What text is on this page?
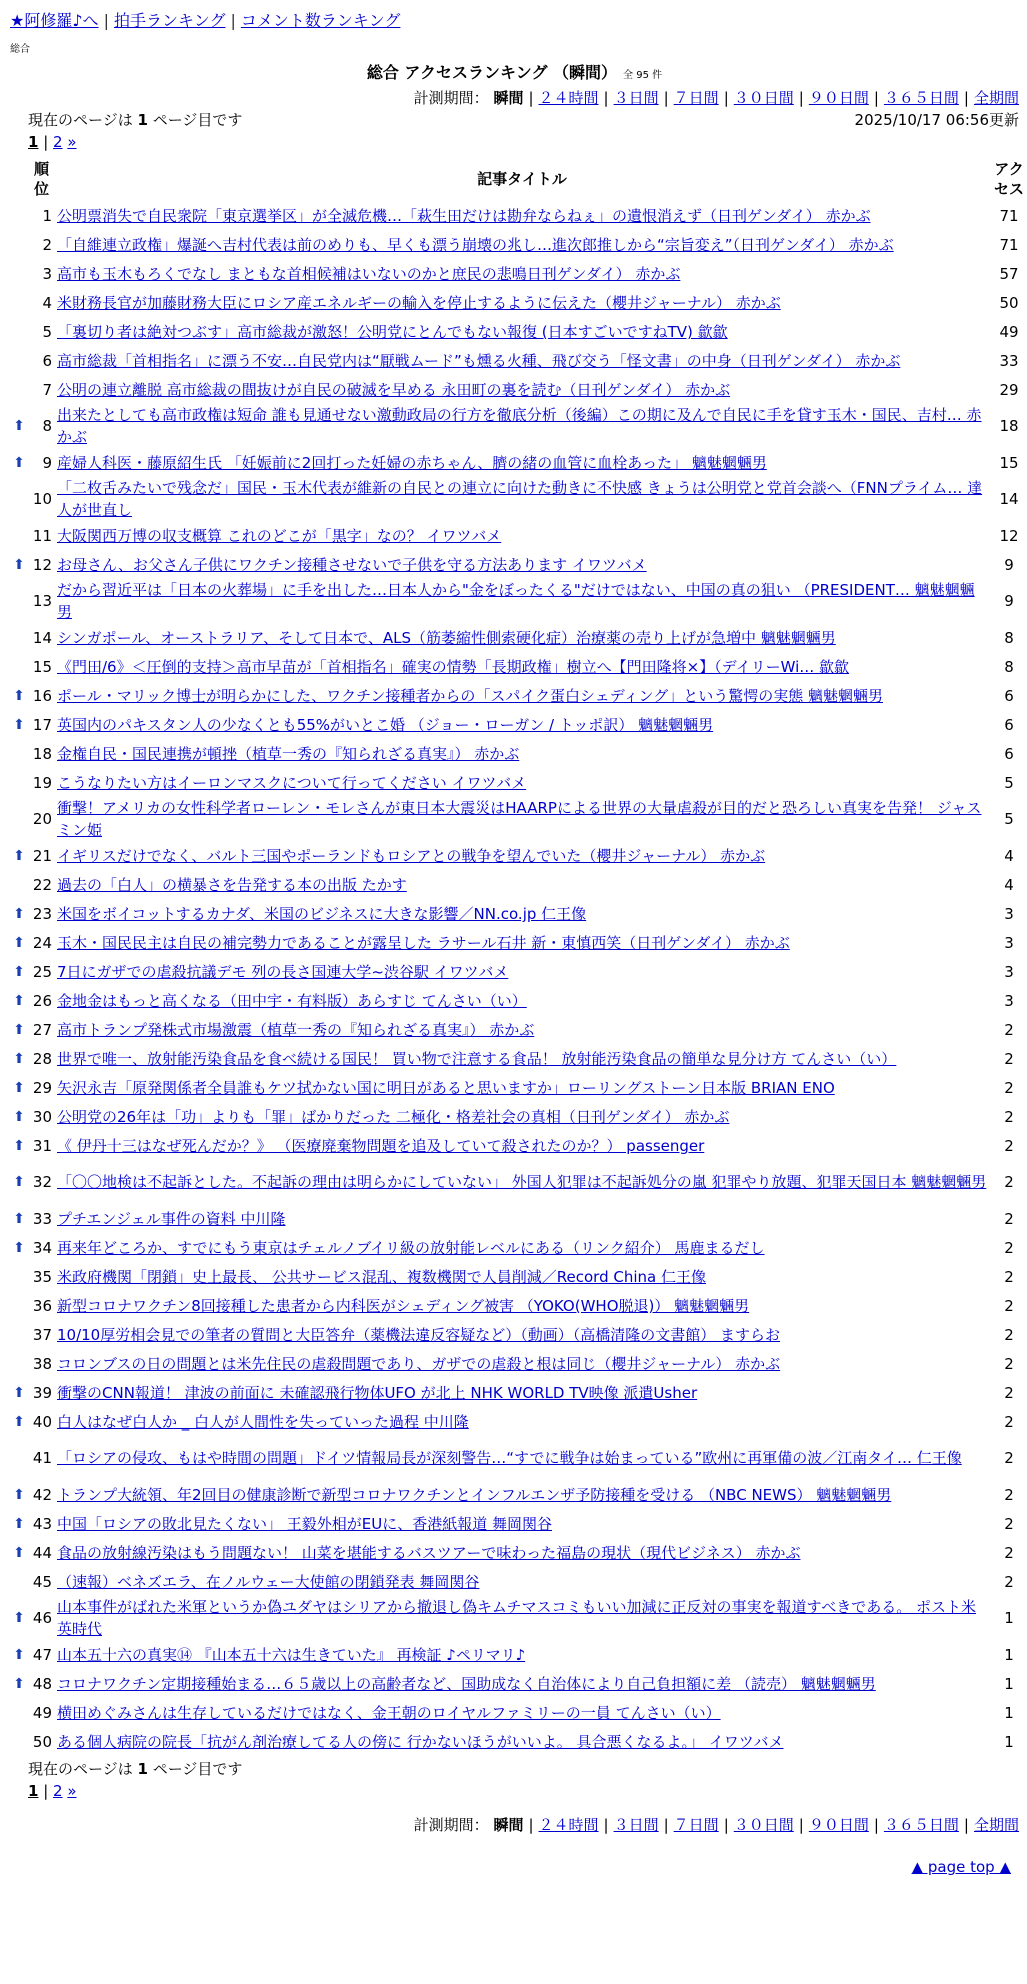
★阿修羅♪へ | 拍手ランキング | コメント数ランキング
総合
総合 アクセスランキング （瞬間） 全 95 件
計測期間： 瞬間 | ２４時間 | ３日間 | ７日間 | ３０日間 | ９０日間 | ３６５日間 | 全期間
現在のページは 1 ページ目です	2025/10/17 06:56更新
1 | 2 »
	順
位	記事タイトル	アク
セス
	1	公明票消失で自民衆院「東京選挙区」が全滅危機…「萩生田だけは勘弁ならねぇ」の遺恨消えず（日刊ゲンダイ） 赤かぶ	71
	2	「自維連立政権」爆誕へ吉村代表は前のめりも、早くも漂う崩壊の兆し…進次郎推しから“宗旨変え”（日刊ゲンダイ） 赤かぶ	71
	3	高市も玉木もろくでなし まともな首相候補はいないのかと庶民の悲鳴日刊ゲンダイ） 赤かぶ	57
	4	米財務長官が加藤財務大臣にロシア産エネルギーの輸入を停止するように伝えた（櫻井ジャーナル） 赤かぶ	50
	5	「裏切り者は絶対つぶす」高市総裁が激怒！公明党にとんでもない報復 (日本すごいですねTV) 歙歙	49
	6	高市総裁「首相指名」に漂う不安…自民党内は“厭戦ムード”も燻る火種、飛び交う「怪文書」の中身（日刊ゲンダイ） 赤かぶ	33
	7	公明の連立離脱 高市総裁の間抜けが自民の破滅を早める 永田町の裏を読む（日刊ゲンダイ） 赤かぶ	29
⬆	8	出来たとしても高市政権は短命 誰も見通せない激動政局の行方を徹底分析（後編）この期に及んで自民に手を貸す玉木・国民、吉村… 赤かぶ	18
⬆	9	産婦人科医・藤原紹生氏 「妊娠前に2回打った妊婦の赤ちゃん、臍の緒の血管に血栓あった」 魑魅魍魎男	15
	10	「二枚舌みたいで残念だ」国民・玉木代表が維新の自民との連立に向けた動きに不快感 きょうは公明党と党首会談へ（FNNプライム… 達人が世直し	14
	11	大阪関西万博の収支概算 これのどこが「黒字」なの？ イワツバメ	12
⬆	12	お母さん、お父さん子供にワクチン接種させないで子供を守る方法あります イワツバメ	9
	13	だから習近平は「日本の火葬場」に手を出した…日本人から"金をぼったくる"だけではない、中国の真の狙い （PRESIDENT… 魑魅魍魎男	9
	14	シンガポール、オーストラリア、そして日本で、ALS（筋萎縮性側索硬化症）治療薬の売り上げが急増中 魑魅魍魎男	8
	15	《門田/6》＜圧倒的支持＞高市早苗が「首相指名」確実の情勢「長期政権」樹立へ【門田隆将×】（デイリーWi… 歙歙	8
⬆	16	ポール・マリック博士が明らかにした、ワクチン接種者からの「スパイク蛋白シェディング」という驚愕の実態 魑魅魍魎男	6
⬆	17	英国内のパキスタン人の少なくとも55%がいとこ婚 （ジョー・ローガン / トッポ訳） 魑魅魍魎男	6
	18	金権自民・国民連携が頓挫（植草一秀の『知られざる真実』） 赤かぶ	6
	19	こうなりたい方はイーロンマスクについて行ってください イワツバメ	5
	20	衝撃！アメリカの女性科学者ローレン・モレさんが東日本大震災はHAARPによる世界の大量虐殺が目的だと恐ろしい真実を告発！ ジャスミン姫	5
⬆	21	イギリスだけでなく、バルト三国やポーランドもロシアとの戦争を望んでいた（櫻井ジャーナル） 赤かぶ	4
	22	過去の「白人」の横暴さを告発する本の出版 たかす	4
⬆	23	米国をボイコットするカナダ、米国のビジネスに大きな影響／NN.co.jp 仁王像	3
⬆	24	玉木・国民民主は自民の補完勢力であることが露呈した ラサール石井 新・東慎西笑（日刊ゲンダイ） 赤かぶ	3
⬆	25	7日にガザでの虐殺抗議デモ 列の長さ国連大学~渋谷駅 イワツバメ	3
⬆	26	金地金はもっと高くなる（田中宇・有料版）あらすじ てんさい（い）	3
⬆	27	高市トランプ発株式市場激震（植草一秀の『知られざる真実』） 赤かぶ	2
⬆	28	世界で唯一、放射能汚染食品を食べ続ける国民！ 買い物で注意する食品！ 放射能汚染食品の簡単な見分け方 てんさい（い）	2
⬆	29	矢沢永吉「原発関係者全員誰もケツ拭かない国に明日があると思いますか」ローリングストーン日本版 BRIAN ENO	2
⬆	30	公明党の26年は「功」よりも「罪」ばかりだった 二極化・格差社会の真相（日刊ゲンダイ） 赤かぶ	2
⬆	31	《 伊丹十三はなぜ死んだか？》 （医療廃棄物問題を追及していて殺されたのか？） passenger	2
⬆	32	「〇〇地検は不起訴とした。不起訴の理由は明らかにしていない」 外国人犯罪は不起訴処分の嵐 犯罪やり放題、犯罪天国日本 魑魅魍魎男	2
⬆	33	プチエンジェル事件の資料 中川隆	2
⬆	34	再来年どころか、すでにもう東京はチェルノブイリ級の放射能レベルにある（リンク紹介） 馬鹿まるだし	2
	35	米政府機関「閉鎖」史上最長、 公共サービス混乱、複数機関で人員削減／Record China 仁王像	2
	36	新型コロナワクチン8回接種した患者から内科医がシェディング被害 （YOKO(WHO脱退)） 魑魅魍魎男	2
	37	10/10厚労相会見での筆者の質問と大臣答弁（薬機法違反容疑など）（動画）（高橋清隆の文書館） ますらお	2
	38	コロンブスの日の問題とは米先住民の虐殺問題であり、ガザでの虐殺と根は同じ（櫻井ジャーナル） 赤かぶ	2
⬆	39	衝撃のCNN報道！ 津波の前面に 未確認飛行物体UFO が北上 NHK WORLD TV映像 派遣Usher	2
⬆	40	白人はなぜ白人か _ 白人が人間性を失っていった過程 中川隆	2
	41	「ロシアの侵攻、もはや時間の問題」ドイツ情報局長が深刻警告…“すでに戦争は始まっている”欧州に再軍備の波／江南タイ… 仁王像	2
⬆	42	トランプ大統領、年2回目の健康診断で新型コロナワクチンとインフルエンザ予防接種を受ける （NBC NEWS） 魑魅魍魎男	2
⬆	43	中国「ロシアの敗北見たくない」 王毅外相がEUに、香港紙報道 舞岡関谷	2
⬆	44	食品の放射線汚染はもう問題ない！ 山菜を堪能するバスツアーで味わった福島の現状（現代ビジネス） 赤かぶ	2
	45	（速報）ベネズエラ、在ノルウェー大使館の閉鎖発表 舞岡関谷	2
⬆	46	山本事件がばれた米軍というか偽ユダヤはシリアから撤退し偽キムチマスコミもいい加減に正反対の事実を報道すべきである。 ポスト米英時代	1
⬆	47	山本五十六の真実⑭ 『山本五十六は生きていた』 再検証 ♪ペリマリ♪	1
⬆	48	コロナワクチン定期接種始まる…６５歳以上の高齢者など、国助成なく自治体により自己負担額に差 （読売） 魑魅魍魎男	1
	49	横田めぐみさんは生存しているだけではなく、金王朝のロイヤルファミリーの一員 てんさい（い）	1
	50	ある個人病院の院長「抗がん剤治療してる人の傍に 行かないほうがいいよ。 具合悪くなるよ。」 イワツバメ	1
現在のページは 1 ページ目です
1 | 2 »
計測期間： 瞬間 | ２４時間 | ３日間 | ７日間 | ３０日間 | ９０日間 | ３６５日間 | 全期間
▲ page top ▲
